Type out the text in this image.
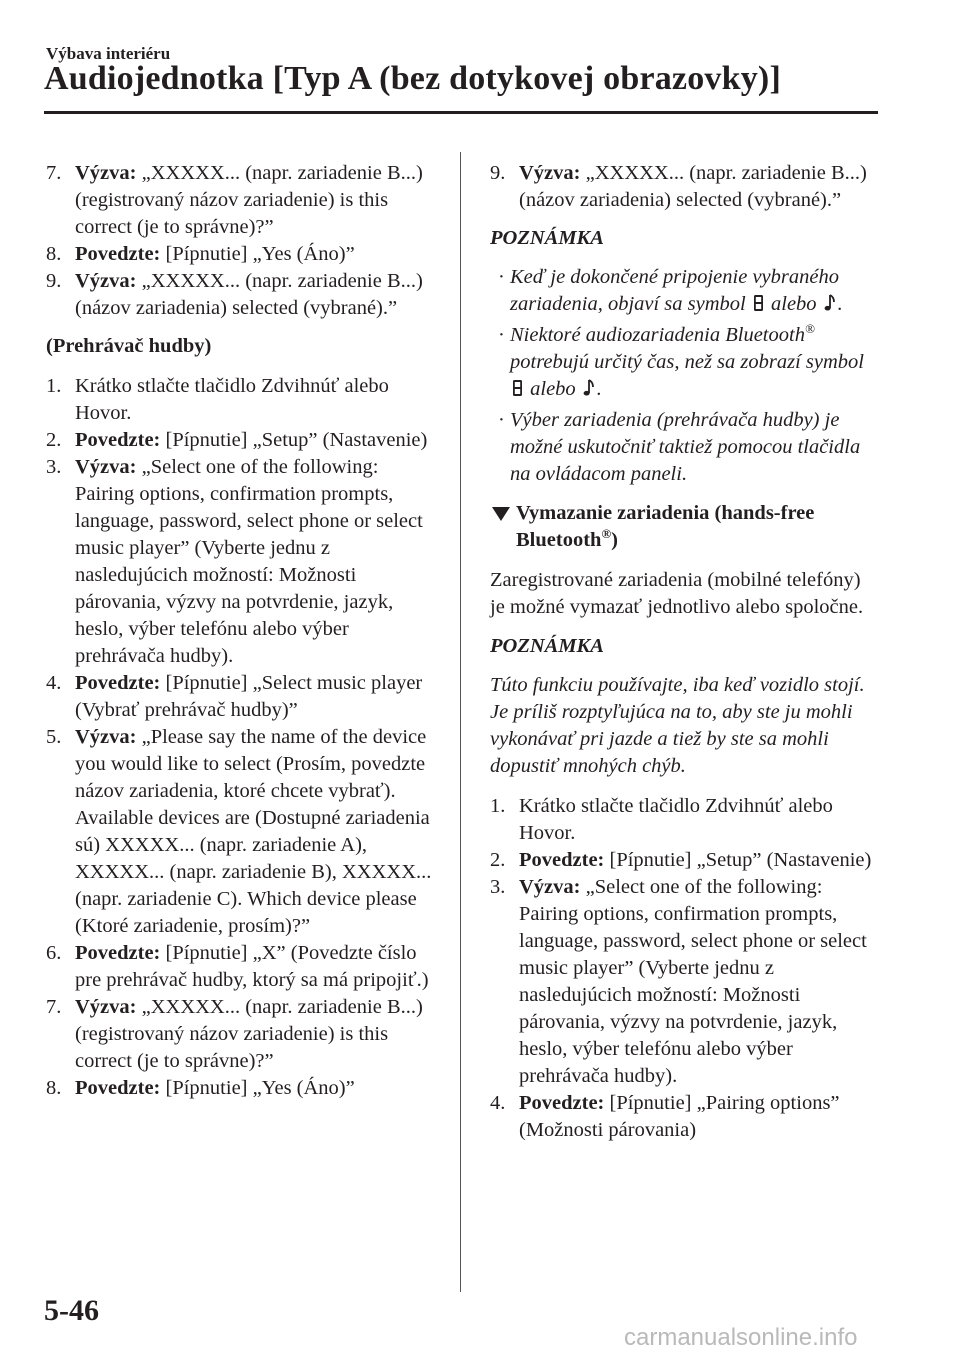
Výbava interiéru
Audiojednotka [Typ A (bez dotykovej obrazovky)]

7. Výzva: „XXXXX... (napr. zariadenie B...) (registrovaný názov zariadenie) is this correct (je to správne)?”

8. Povedzte: [Pípnutie] „Yes (Áno)”

9. Výzva: „XXXXX... (napr. zariadenie B...) (názov zariadenia) selected (vybrané).”

(Prehrávač hudby)

1. Krátko stlačte tlačidlo Zdvihnúť alebo Hovor.

2. Povedzte: [Pípnutie] „Setup” (Nastavenie)

3. Výzva: „Select one of the following: Pairing options, confirmation prompts, language, password, select phone or select music player” (Vyberte jednu z nasledujúcich možností: Možnosti párovania, výzvy na potvrdenie, jazyk, heslo, výber telefónu alebo výber prehrávača hudby).

4. Povedzte: [Pípnutie] „Select music player (Vybrať prehrávač hudby)”

5. Výzva: „Please say the name of the device you would like to select (Prosím, povedzte názov zariadenia, ktoré chcete vybrať). Available devices are (Dostupné zariadenia sú) XXXXX... (napr. zariadenie A), XXXXX... (napr. zariadenie B), XXXXX... (napr. zariadenie C). Which device please (Ktoré zariadenie, prosím)?”

6. Povedzte: [Pípnutie] „X” (Povedzte číslo pre prehrávač hudby, ktorý sa má pripojiť.)

7. Výzva: „XXXXX... (napr. zariadenie B...) (registrovaný názov zariadenie) is this correct (je to správne)?”

8. Povedzte: [Pípnutie] „Yes (Áno)”

9. Výzva: „XXXXX... (napr. zariadenie B...) (názov zariadenia) selected (vybrané).”

POZNÁMKA
· Keď je dokončené pripojenie vybraného zariadenia, objaví sa symbol alebo .
· Niektoré audiozariadenia Bluetooth® potrebujú určitý čas, než sa zobrazí symbol  alebo .
· Výber zariadenia (prehrávača hudby) je možné uskutočniť taktiež pomocou tlačidla na ovládacom paneli.
Vymazanie zariadenia (hands-free Bluetooth®)

Zaregistrované zariadenia (mobilné telefóny) je možné vymazať jednotlivo alebo spoločne.

POZNÁMKA

Túto funkciu používajte, iba keď vozidlo stojí. Je príliš rozptyľujúca na to, aby ste ju mohli vykonávať pri jazde a tiež by ste sa mohli dopustiť mnohých chýb.

1. Krátko stlačte tlačidlo Zdvihnúť alebo Hovor.

2. Povedzte: [Pípnutie] „Setup” (Nastavenie)

3. Výzva: „Select one of the following: Pairing options, confirmation prompts, language, password, select phone or select music player” (Vyberte jednu z nasledujúcich možností: Možnosti párovania, výzvy na potvrdenie, jazyk, heslo, výber telefónu alebo výber prehrávača hudby).

4. Povedzte: [Pípnutie] „Pairing options” (Možnosti párovania)

5-46
carmanualsonline.info
